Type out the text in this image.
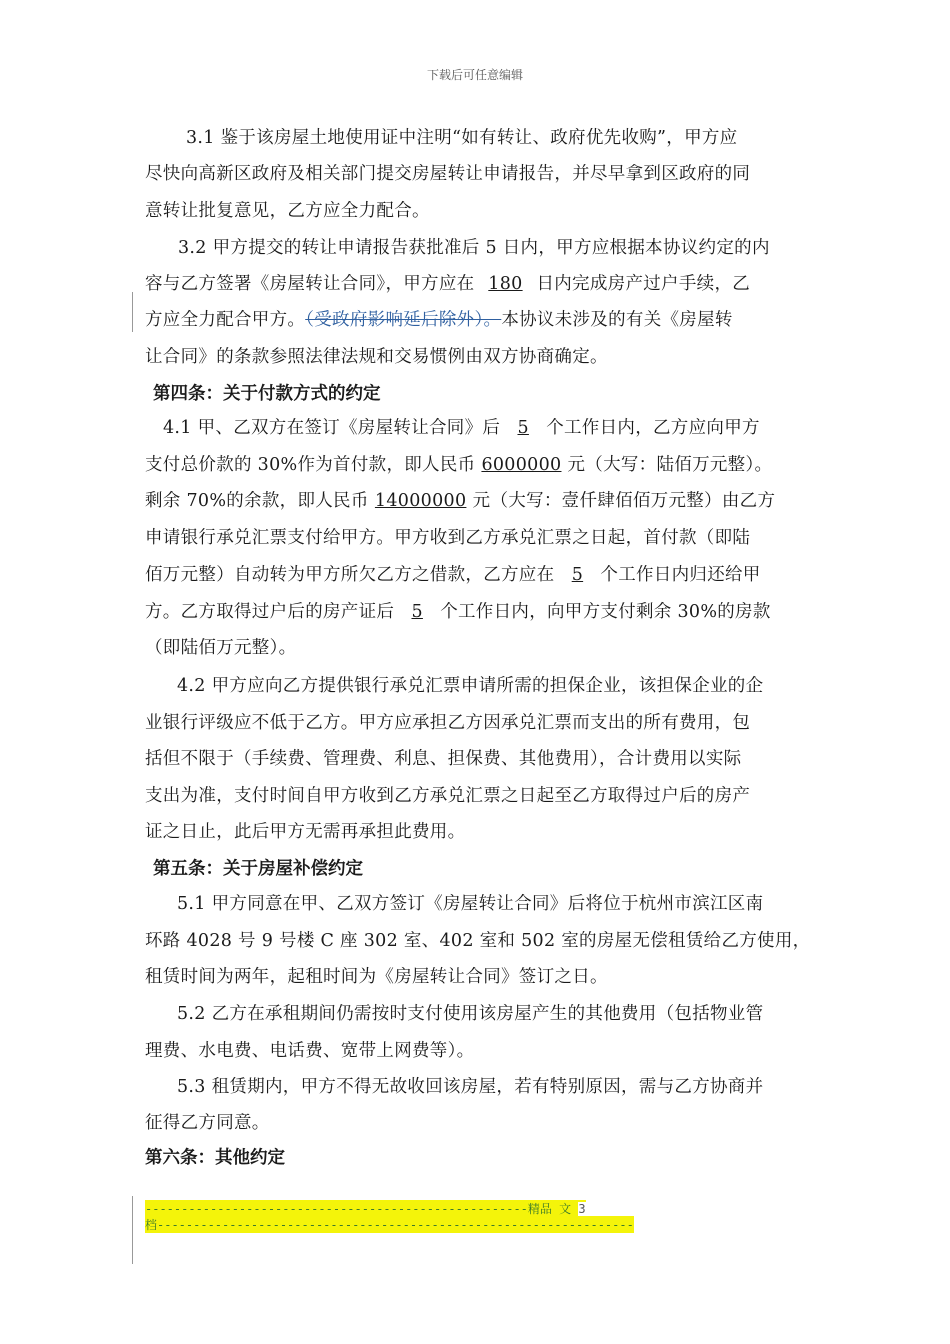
下载后可任意编辑
3.1 鉴于该房屋土地使用证中注明“如有转让、政府优先收购”，甲方应
尽快向高新区政府及相关部门提交房屋转让申请报告，并尽早拿到区政府的同
意转让批复意见，乙方应全力配合。
3.2 甲方提交的转让申请报告获批准后 5 日内，甲方应根据本协议约定的内
容与乙方签署《房屋转让合同》，甲方应在 180 日内完成房产过户手续，乙
方应全力配合甲方。（受政府影响延后除外）。本协议未涉及的有关《房屋转
让合同》的条款参照法律法规和交易惯例由双方协商确定。
第四条：关于付款方式的约定
4.1 甲、乙双方在签订《房屋转让合同》后 5 个工作日内，乙方应向甲方
支付总价款的 30%作为首付款，即人民币 6000000 元（大写：陆佰万元整）。
剩余 70%的余款，即人民币 14000000 元（大写：壹仟肆佰佰万元整）由乙方
申请银行承兑汇票支付给甲方。甲方收到乙方承兑汇票之日起，首付款（即陆
佰万元整）自动转为甲方所欠乙方之借款，乙方应在 5 个工作日内归还给甲
方。乙方取得过户后的房产证后 5 个工作日内，向甲方支付剩余 30%的房款
（即陆佰万元整）。
4.2 甲方应向乙方提供银行承兑汇票申请所需的担保企业，该担保企业的企
业银行评级应不低于乙方。甲方应承担乙方因承兑汇票而支出的所有费用，包
括但不限于（手续费、管理费、利息、担保费、其他费用），合计费用以实际
支出为准，支付时间自甲方收到乙方承兑汇票之日起至乙方取得过户后的房产
证之日止，此后甲方无需再承担此费用。
第五条：关于房屋补偿约定
5.1 甲方同意在甲、乙双方签订《房屋转让合同》后将位于杭州市滨江区南
环路 4028 号 9 号楼 C 座 302 室、402 室和 502 室的房屋无偿租赁给乙方使用，
租赁时间为两年，起租时间为《房屋转让合同》签订之日。
5.2 乙方在承租期间仍需按时支付使用该房屋产生的其他费用（包括物业管
理费、水电费、电话费、宽带上网费等）。
5.3 租赁期内，甲方不得无故收回该房屋，若有特别原因，需与乙方协商并
征得乙方同意。
第六条：其他约定
-----------------------------------------------------精品 文 3
档------------------------------------------------------------------
